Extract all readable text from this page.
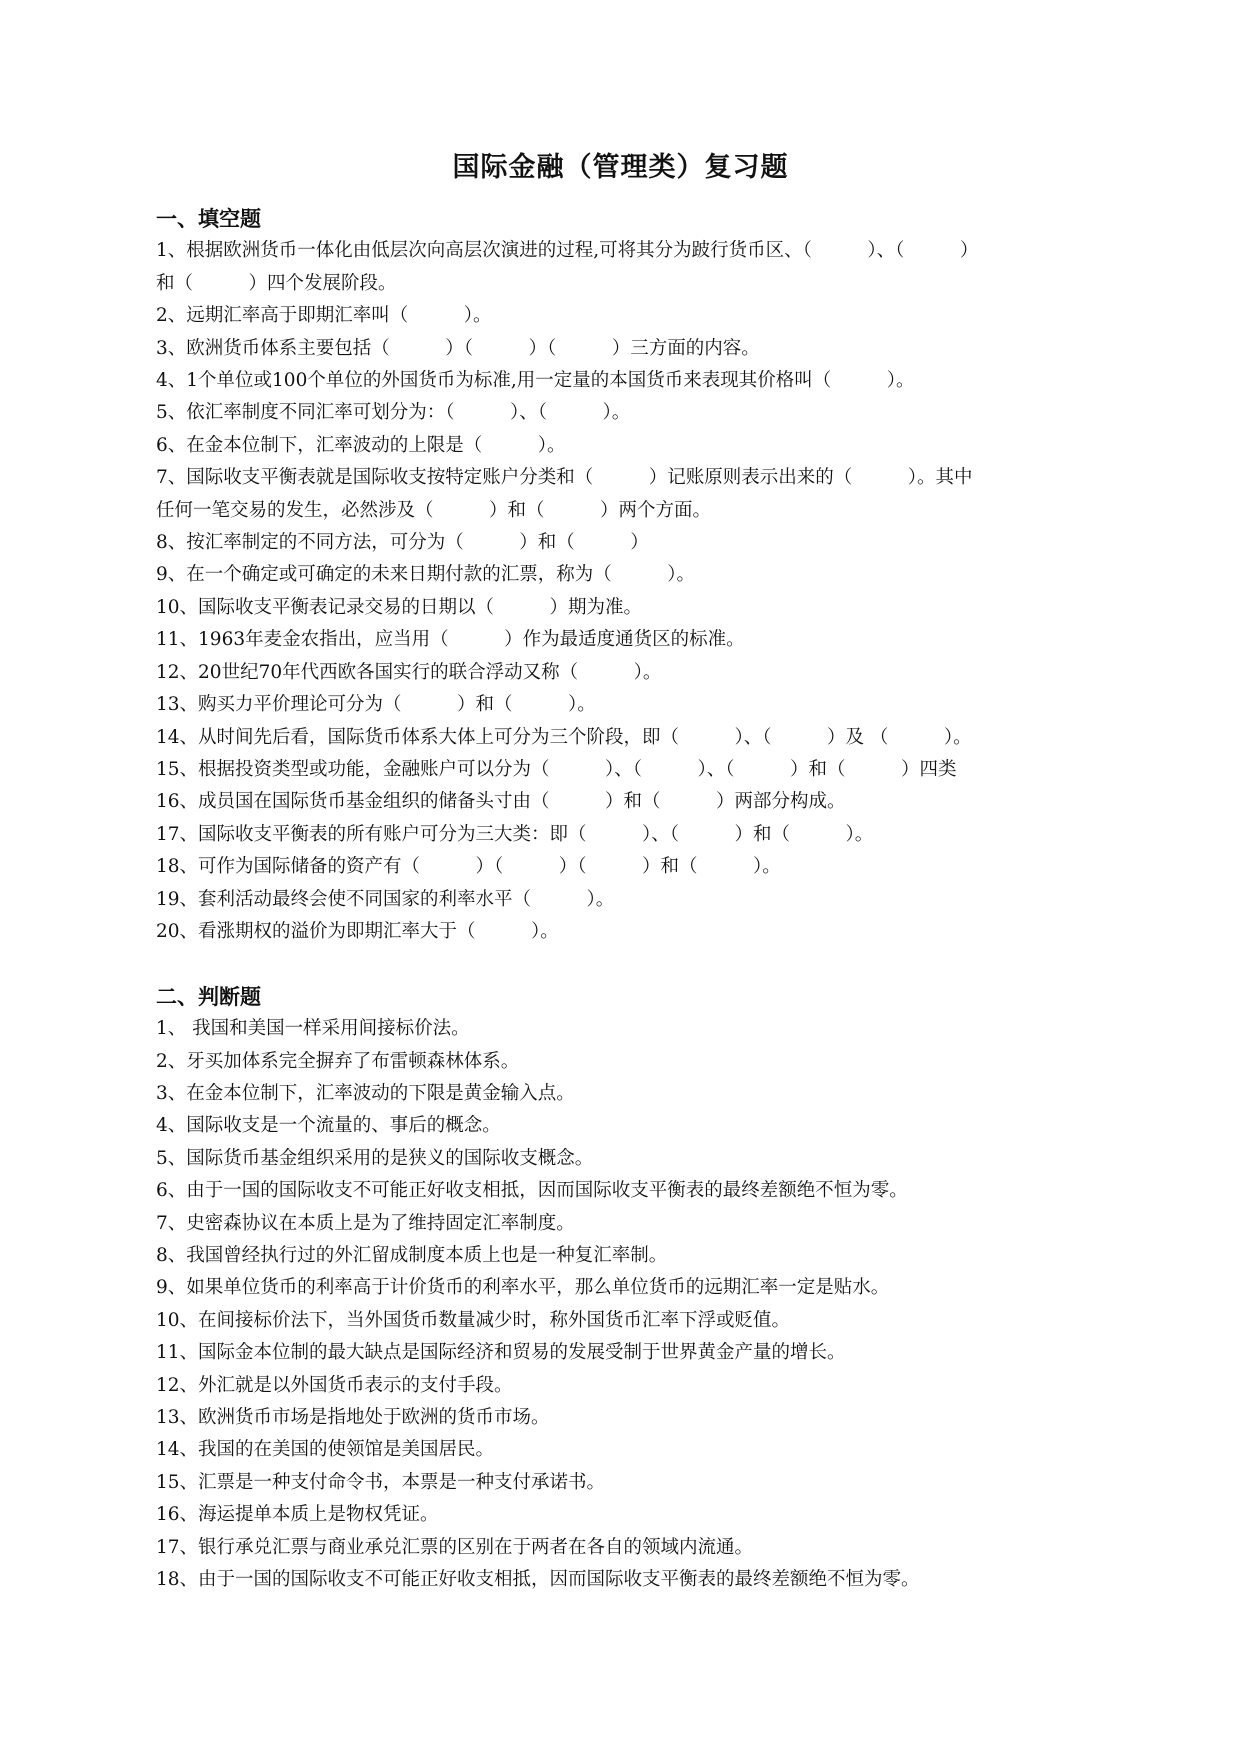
国际金融（管理类）复习题
一、填空题
1、根据欧洲货币一体化由低层次向高层次演进的过程,可将其分为跛行货币区、（　　　）、（　　　）
和（　　　）四个发展阶段。
2、远期汇率高于即期汇率叫（　　　）。
3、欧洲货币体系主要包括（　　　）（　　　）（　　　）三方面的内容。
4、1个单位或100个单位的外国货币为标准,用一定量的本国货币来表现其价格叫（　　　）。
5、依汇率制度不同汇率可划分为：（　　　）、（　　　）。
6、在金本位制下，汇率波动的上限是（　　　）。
7、国际收支平衡表就是国际收支按特定账户分类和（　　　）记账原则表示出来的（　　　）。其中
任何一笔交易的发生，必然涉及（　　　）和（　　　）两个方面。
8、按汇率制定的不同方法，可分为（　　　）和（　　　）
9、在一个确定或可确定的未来日期付款的汇票，称为（　　　）。
10、国际收支平衡表记录交易的日期以（　　　）期为准。
11、1963年麦金农指出，应当用（　　　）作为最适度通货区的标准。
12、20世纪70年代西欧各国实行的联合浮动又称（　　　）。
13、购买力平价理论可分为（　　　）和（　　　）。
14、从时间先后看，国际货币体系大体上可分为三个阶段，即（　　　）、（　　　）及 （　　　）。
15、根据投资类型或功能，金融账户可以分为（　　　）、（　　　）、（　　　）和（　　　）四类
16、成员国在国际货币基金组织的储备头寸由（　　　）和（　　　）两部分构成。
17、国际收支平衡表的所有账户可分为三大类：即（　　　）、（　　　）和（　　　）。
18、可作为国际储备的资产有（　　　）（　　　）（　　　）和（　　　）。
19、套利活动最终会使不同国家的利率水平（　　　）。
20、看涨期权的溢价为即期汇率大于（　　　）。
二、判断题
1、 我国和美国一样采用间接标价法。
2、牙买加体系完全摒弃了布雷顿森林体系。
3、在金本位制下，汇率波动的下限是黄金输入点。
4、国际收支是一个流量的、事后的概念。
5、国际货币基金组织采用的是狭义的国际收支概念。
6、由于一国的国际收支不可能正好收支相抵，因而国际收支平衡表的最终差额绝不恒为零。
7、史密森协议在本质上是为了维持固定汇率制度。
8、我国曾经执行过的外汇留成制度本质上也是一种复汇率制。
9、如果单位货币的利率高于计价货币的利率水平，那么单位货币的远期汇率一定是贴水。
10、在间接标价法下，当外国货币数量减少时，称外国货币汇率下浮或贬值。
11、国际金本位制的最大缺点是国际经济和贸易的发展受制于世界黄金产量的增长。
12、外汇就是以外国货币表示的支付手段。
13、欧洲货币市场是指地处于欧洲的货币市场。
14、我国的在美国的使领馆是美国居民。
15、汇票是一种支付命令书，本票是一种支付承诺书。
16、海运提单本质上是物权凭证。
17、银行承兑汇票与商业承兑汇票的区别在于两者在各自的领域内流通。
18、由于一国的国际收支不可能正好收支相抵，因而国际收支平衡表的最终差额绝不恒为零。
